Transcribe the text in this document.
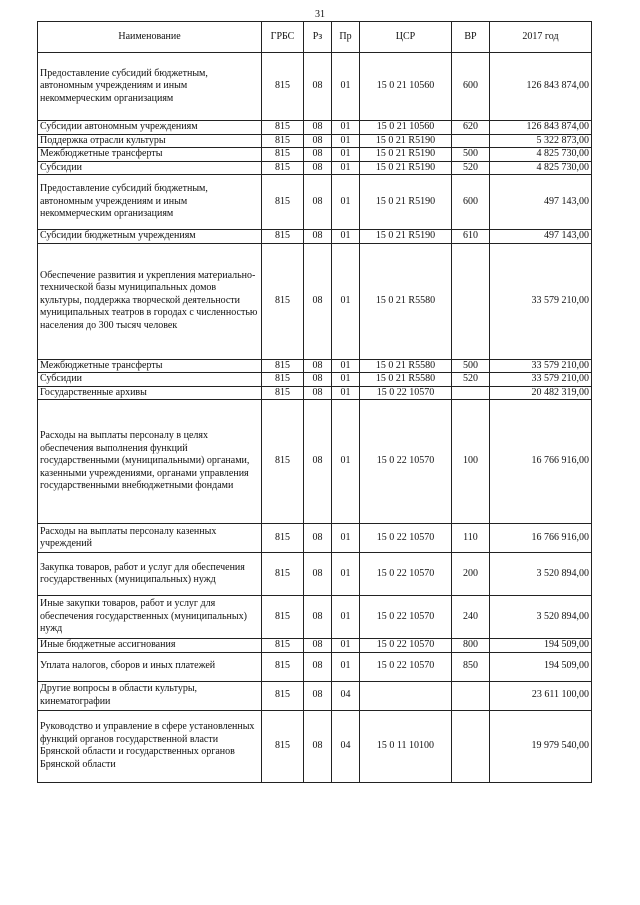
31
Наименование	ГРБС	Рз	Пр	ЦСР	ВР	2017 год
Предоставление субсидий бюджетным, автономным учреждениям и иным некоммерческим организациям	815	08	01	15 0 21 10560	600	126 843 874,00
Субсидии автономным учреждениям	815	08	01	15 0 21 10560	620	126 843 874,00
Поддержка отрасли культуры	815	08	01	15 0 21 R5190		5 322 873,00
Межбюджетные трансферты	815	08	01	15 0 21 R5190	500	4 825 730,00
Субсидии	815	08	01	15 0 21 R5190	520	4 825 730,00
Предоставление субсидий бюджетным, автономным учреждениям и иным некоммерческим организациям	815	08	01	15 0 21 R5190	600	497 143,00
Субсидии бюджетным учреждениям	815	08	01	15 0 21 R5190	610	497 143,00
Обеспечение развития и укрепления материально-технической базы муниципальных домов культуры, поддержка творческой деятельности муниципальных театров в городах с численностью населения до 300 тысяч человек	815	08	01	15 0 21 R5580		33 579 210,00
Межбюджетные трансферты	815	08	01	15 0 21 R5580	500	33 579 210,00
Субсидии	815	08	01	15 0 21 R5580	520	33 579 210,00
Государственные архивы	815	08	01	15 0 22 10570		20 482 319,00
Расходы на выплаты персоналу в целях обеспечения выполнения функций государственными (муниципальными) органами, казенными учреждениями, органами управления государственными внебюджетными фондами	815	08	01	15 0 22 10570	100	16 766 916,00
Расходы на выплаты персоналу казенных учреждений	815	08	01	15 0 22 10570	110	16 766 916,00
Закупка товаров, работ и услуг для обеспечения государственных (муниципальных) нужд	815	08	01	15 0 22 10570	200	3 520 894,00
Иные закупки товаров, работ и услуг для обеспечения государственных (муниципальных) нужд	815	08	01	15 0 22 10570	240	3 520 894,00
Иные бюджетные ассигнования	815	08	01	15 0 22 10570	800	194 509,00
Уплата налогов, сборов и иных платежей	815	08	01	15 0 22 10570	850	194 509,00
Другие вопросы в области культуры, кинематографии	815	08	04			23 611 100,00
Руководство и управление в сфере установленных функций органов государственной власти Брянской области и государственных органов Брянской области	815	08	04	15 0 11 10100		19 979 540,00
